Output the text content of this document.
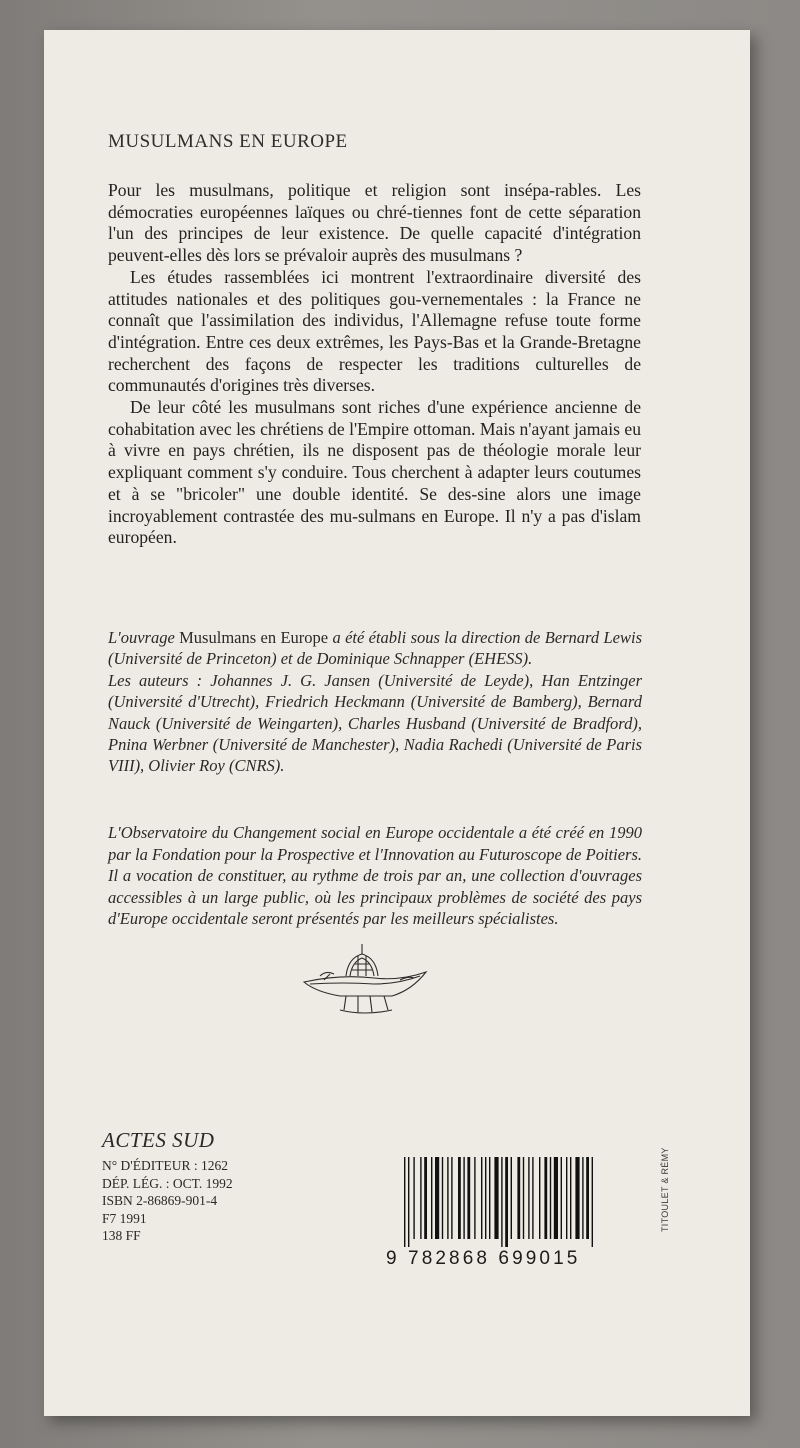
MUSULMANS EN EUROPE

Pour les musulmans, politique et religion sont insépa-rables. Les démocraties européennes laïques ou chré-tiennes font de cette séparation l'un des principes de leur existence. De quelle capacité d'intégration peuvent-elles dès lors se prévaloir auprès des musulmans ?

Les études rassemblées ici montrent l'extraordinaire diversité des attitudes nationales et des politiques gou-vernementales : la France ne connaît que l'assimilation des individus, l'Allemagne refuse toute forme d'intégration. Entre ces deux extrêmes, les Pays-Bas et la Grande-Bretagne recherchent des façons de respecter les traditions culturelles de communautés d'origines très diverses.

De leur côté les musulmans sont riches d'une expérience ancienne de cohabitation avec les chrétiens de l'Empire ottoman. Mais n'ayant jamais eu à vivre en pays chrétien, ils ne disposent pas de théologie morale leur expliquant comment s'y conduire. Tous cherchent à adapter leurs coutumes et à se "bricoler" une double identité. Se des-sine alors une image incroyablement contrastée des mu-sulmans en Europe. Il n'y a pas d'islam européen.

L'ouvrage Musulmans en Europe a été établi sous la direction de Bernard Lewis (Université de Princeton) et de Dominique Schnapper (EHESS).

Les auteurs : Johannes J. G. Jansen (Université de Leyde), Han Entzinger (Université d'Utrecht), Friedrich Heckmann (Université de Bamberg), Bernard Nauck (Université de Weingarten), Charles Husband (Université de Bradford), Pnina Werbner (Université de Manchester), Nadia Rachedi (Université de Paris VIII), Olivier Roy (CNRS).

L'Observatoire du Changement social en Europe occidentale a été créé en 1990 par la Fondation pour la Prospective et l'Innovation au Futuroscope de Poitiers. Il a vocation de constituer, au rythme de trois par an, une collection d'ouvrages accessibles à un large public, où les principaux problèmes de société des pays d'Europe occidentale seront présentés par les meilleurs spécialistes.

ACTES SUD
N° D'ÉDITEUR : 1262
DÉP. LÉG. : OCT. 1992
ISBN 2-86869-901-4
F7 1991
138 FF
9 782868 699015
TITOULET & RÉMY
